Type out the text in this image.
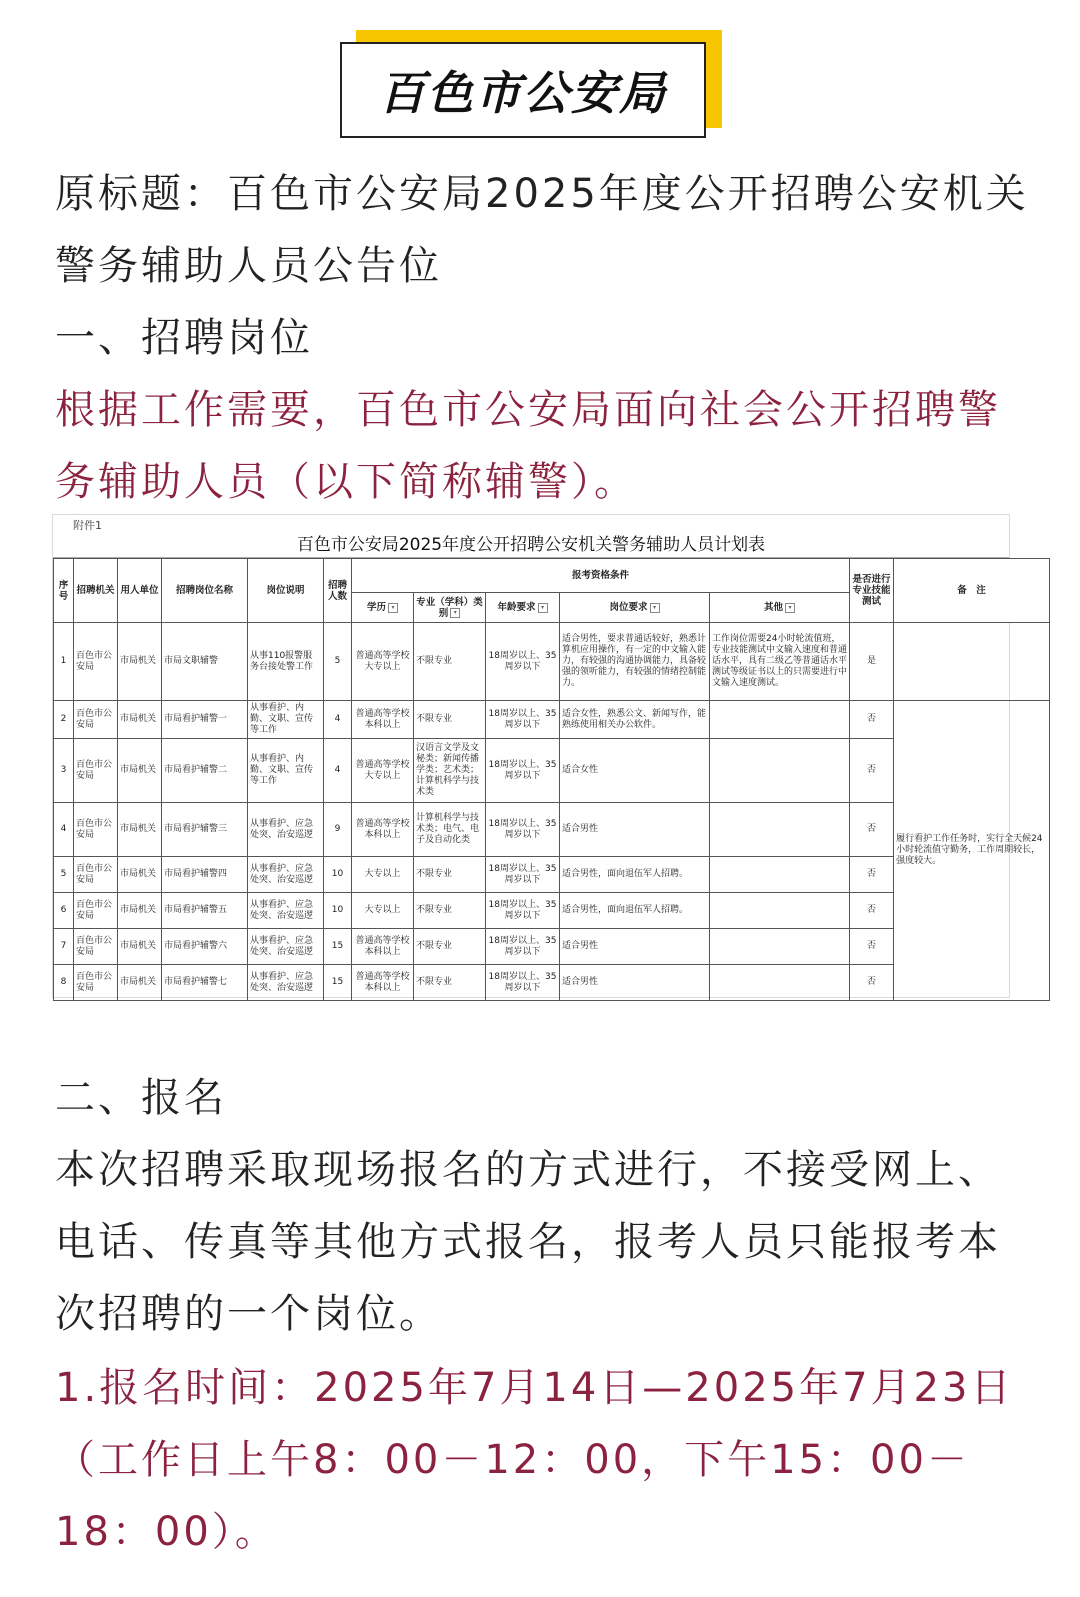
百色市公安局

原标题：百色市公安局2025年度公开招聘公安机关警务辅助人员公告位

一、招聘岗位

根据工作需要，百色市公安局面向社会公开招聘警务辅助人员（以下简称辅警）。

附件1
百色市公安局2025年度公开招聘公安机关警务辅助人员计划表
序号	招聘机关	用人单位	招聘岗位名称	岗位说明	招聘人数	报考资格条件					是否进行专业技能测试	备　注
						学历 ▾	专业（学科）类别 ▾	年龄要求 ▾	岗位要求 ▾	其他 ▾		
1	百色市公安局	市局机关	市局文职辅警	从事110报警服务台接处警工作	5	普通高等学校大专以上	不限专业	18周岁以上、35周岁以下	适合男性，要求普通话较好，熟悉计算机应用操作，有一定的中文输入能力，有较强的沟通协调能力，具备较强的领听能力，有较强的情绪控制能力。	工作岗位需要24小时轮流值班，专业技能测试中文输入速度和普通话水平，具有二级乙等普通话水平测试等级证书以上的只需要进行中文输入速度测试。	是	
2	百色市公安局	市局机关	市局看护辅警一	从事看护、内勤、文职、宣传等工作	4	普通高等学校本科以上	不限专业	18周岁以上、35周岁以下	适合女性，熟悉公文、新闻写作，能熟练使用相关办公软件。		否	履行看护工作任务时，实行全天候24小时轮流值守勤务，工作周期较长，强度较大。
3	百色市公安局	市局机关	市局看护辅警二	从事看护、内勤、文职、宣传等工作	4	普通高等学校大专以上	汉语言文学及文秘类；新闻传播学类；艺术类；计算机科学与技术类	18周岁以上、35周岁以下	适合女性		否	
4	百色市公安局	市局机关	市局看护辅警三	从事看护、应急处突、治安巡逻	9	普通高等学校本科以上	计算机科学与技术类；电气、电子及自动化类	18周岁以上、35周岁以下	适合男性		否	
5	百色市公安局	市局机关	市局看护辅警四	从事看护、应急处突、治安巡逻	10	大专以上	不限专业	18周岁以上、35周岁以下	适合男性，面向退伍军人招聘。		否	
6	百色市公安局	市局机关	市局看护辅警五	从事看护、应急处突、治安巡逻	10	大专以上	不限专业	18周岁以上、35周岁以下	适合男性，面向退伍军人招聘。		否	
7	百色市公安局	市局机关	市局看护辅警六	从事看护、应急处突、治安巡逻	15	普通高等学校本科以上	不限专业	18周岁以上、35周岁以下	适合男性		否	
8	百色市公安局	市局机关	市局看护辅警七	从事看护、应急处突、治安巡逻	15	普通高等学校本科以上	不限专业	18周岁以上、35周岁以下	适合男性		否	

二、报名

本次招聘采取现场报名的方式进行，不接受网上、电话、传真等其他方式报名，报考人员只能报考本次招聘的一个岗位。

1.报名时间：2025年7月14日—2025年7月23日（工作日上午8：00－12：00，下午15：00－18：00）。
